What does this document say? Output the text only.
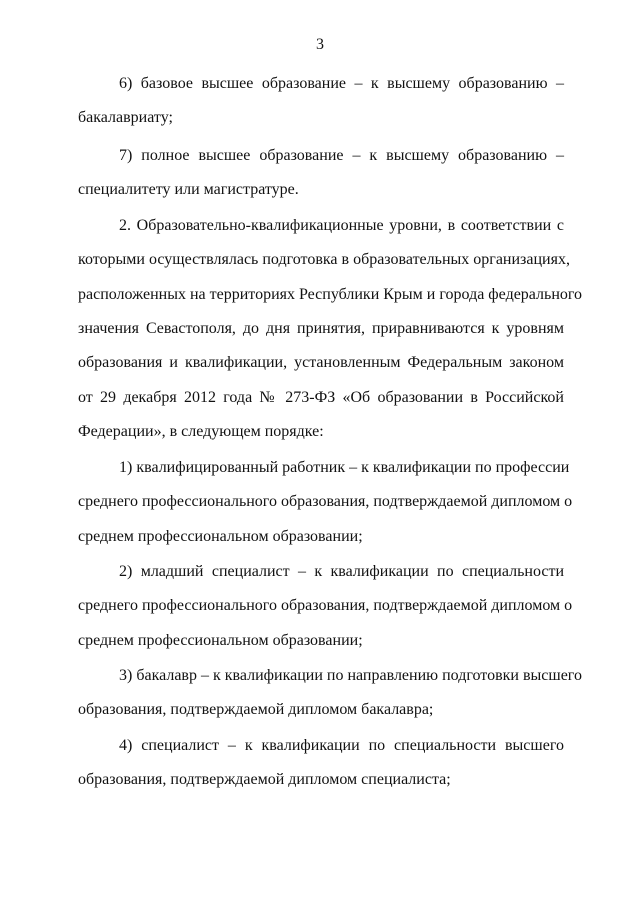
3
6) базовое высшее образование – к высшему образованию –
бакалавриату;
7) полное высшее образование – к высшему образованию –
специалитету или магистратуре.
2. Образовательно-квалификационные уровни, в соответствии с
которыми осуществлялась подготовка в образовательных организациях,
расположенных на территориях Республики Крым и города федерального
значения Севастополя, до дня принятия, приравниваются к уровням
образования и квалификации, установленным Федеральным законом
от 29 декабря 2012 года № 273-ФЗ «Об образовании в Российской
Федерации», в следующем порядке:
1) квалифицированный работник – к квалификации по профессии
среднего профессионального образования, подтверждаемой дипломом о
среднем профессиональном образовании;
2) младший специалист – к квалификации по специальности
среднего профессионального образования, подтверждаемой дипломом о
среднем профессиональном образовании;
3) бакалавр – к квалификации по направлению подготовки высшего
образования, подтверждаемой дипломом бакалавра;
4) специалист – к квалификации по специальности высшего
образования, подтверждаемой дипломом специалиста;
